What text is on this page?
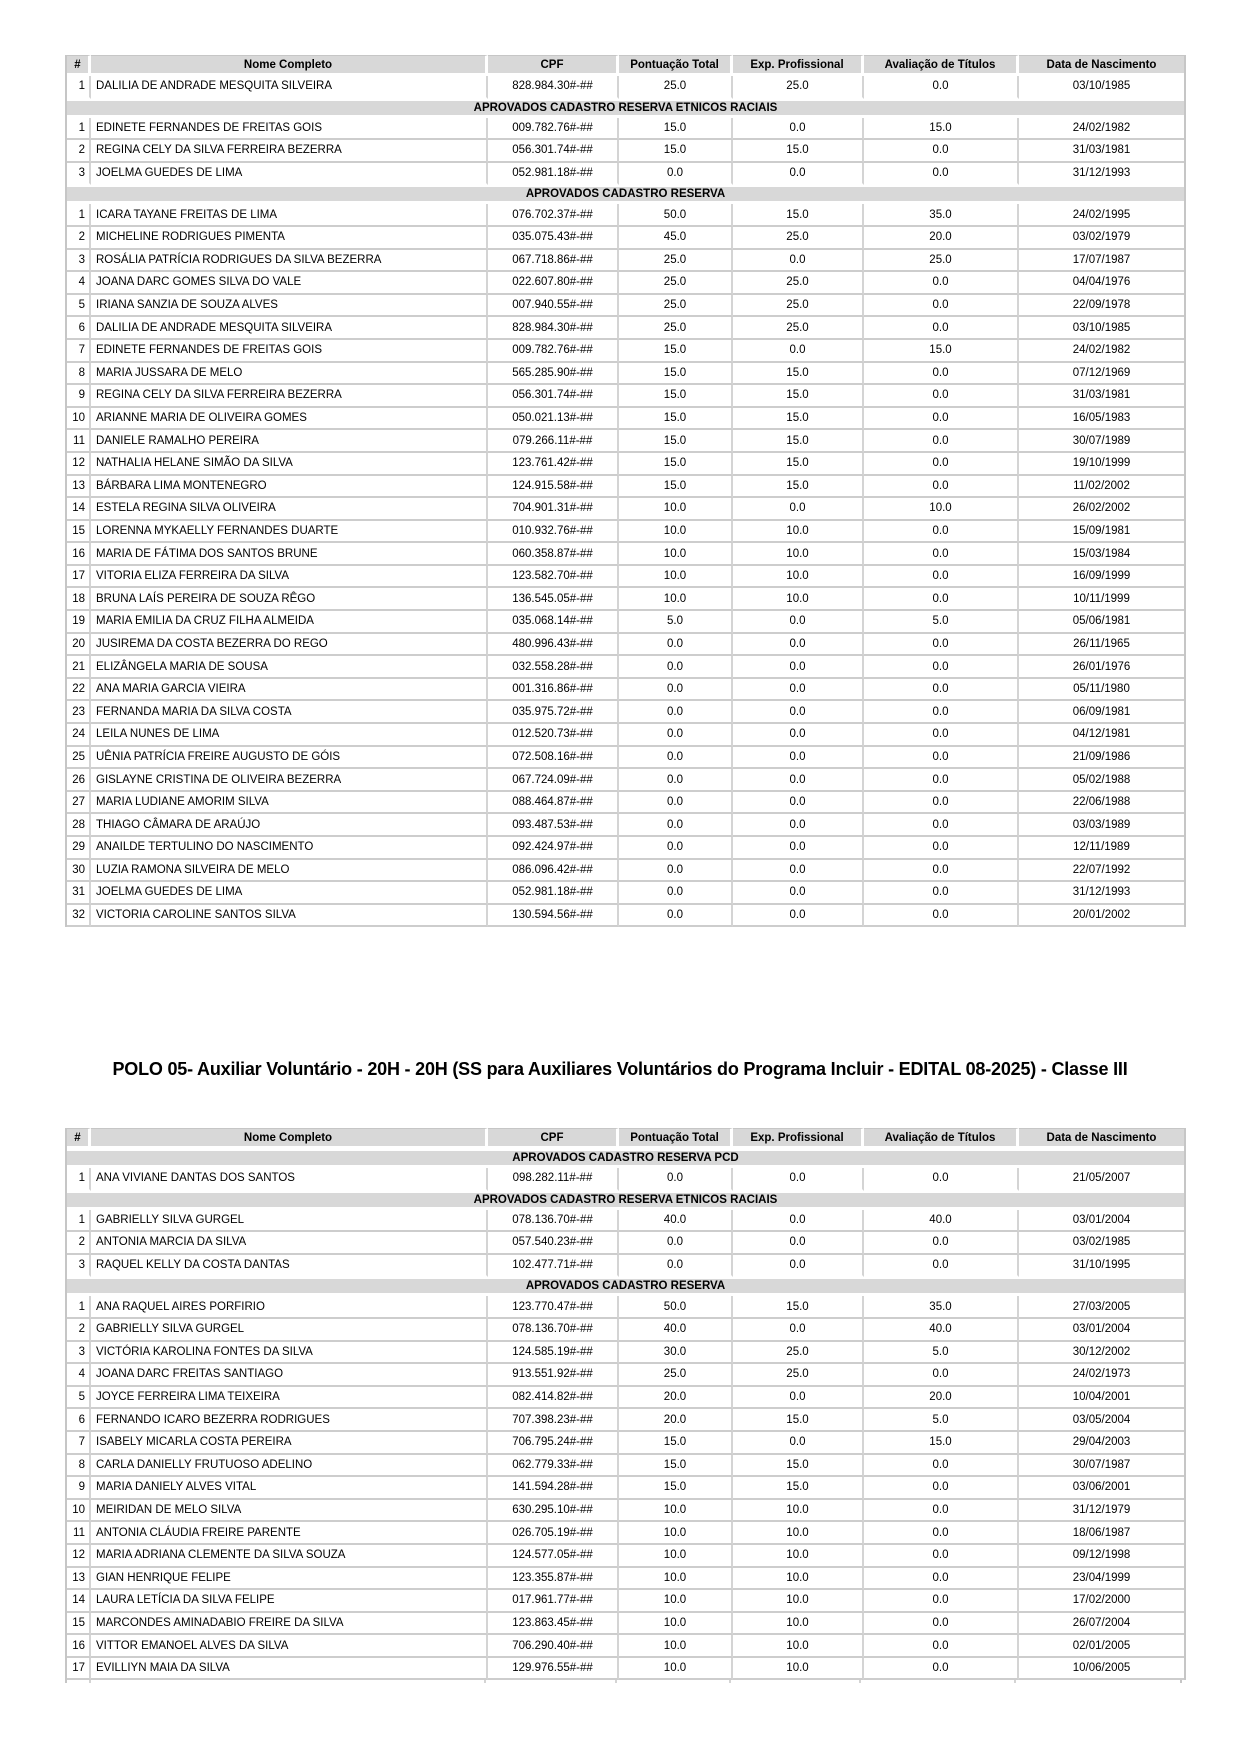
#	Nome Completo	CPF	Pontuação Total	Exp. Profissional	Avaliação de Títulos	Data de Nascimento
1	DALILIA DE ANDRADE MESQUITA SILVEIRA	828.984.30#-##	25.0	25.0	0.0	03/10/1985
APROVADOS CADASTRO RESERVA ETNICOS RACIAIS						
1	EDINETE FERNANDES DE FREITAS GOIS	009.782.76#-##	15.0	0.0	15.0	24/02/1982
2	REGINA CELY DA SILVA FERREIRA BEZERRA	056.301.74#-##	15.0	15.0	0.0	31/03/1981
3	JOELMA GUEDES DE LIMA	052.981.18#-##	0.0	0.0	0.0	31/12/1993
APROVADOS CADASTRO RESERVA						
1	ICARA TAYANE FREITAS DE LIMA	076.702.37#-##	50.0	15.0	35.0	24/02/1995
2	MICHELINE RODRIGUES PIMENTA	035.075.43#-##	45.0	25.0	20.0	03/02/1979
3	ROSÁLIA PATRÍCIA RODRIGUES DA SILVA BEZERRA	067.718.86#-##	25.0	0.0	25.0	17/07/1987
4	JOANA DARC GOMES SILVA DO VALE	022.607.80#-##	25.0	25.0	0.0	04/04/1976
5	IRIANA SANZIA DE SOUZA ALVES	007.940.55#-##	25.0	25.0	0.0	22/09/1978
6	DALILIA DE ANDRADE MESQUITA SILVEIRA	828.984.30#-##	25.0	25.0	0.0	03/10/1985
7	EDINETE FERNANDES DE FREITAS GOIS	009.782.76#-##	15.0	0.0	15.0	24/02/1982
8	MARIA JUSSARA DE MELO	565.285.90#-##	15.0	15.0	0.0	07/12/1969
9	REGINA CELY DA SILVA FERREIRA BEZERRA	056.301.74#-##	15.0	15.0	0.0	31/03/1981
10	ARIANNE MARIA DE OLIVEIRA GOMES	050.021.13#-##	15.0	15.0	0.0	16/05/1983
11	DANIELE RAMALHO PEREIRA	079.266.11#-##	15.0	15.0	0.0	30/07/1989
12	NATHALIA HELANE SIMÃO DA SILVA	123.761.42#-##	15.0	15.0	0.0	19/10/1999
13	BÁRBARA LIMA MONTENEGRO	124.915.58#-##	15.0	15.0	0.0	11/02/2002
14	ESTELA REGINA SILVA OLIVEIRA	704.901.31#-##	10.0	0.0	10.0	26/02/2002
15	LORENNA MYKAELLY FERNANDES DUARTE	010.932.76#-##	10.0	10.0	0.0	15/09/1981
16	MARIA DE FÁTIMA DOS SANTOS BRUNE	060.358.87#-##	10.0	10.0	0.0	15/03/1984
17	VITORIA ELIZA FERREIRA DA SILVA	123.582.70#-##	10.0	10.0	0.0	16/09/1999
18	BRUNA LAÍS PEREIRA DE SOUZA RÊGO	136.545.05#-##	10.0	10.0	0.0	10/11/1999
19	MARIA EMILIA DA CRUZ FILHA ALMEIDA	035.068.14#-##	5.0	0.0	5.0	05/06/1981
20	JUSIREMA DA COSTA BEZERRA DO REGO	480.996.43#-##	0.0	0.0	0.0	26/11/1965
21	ELIZÂNGELA MARIA DE SOUSA	032.558.28#-##	0.0	0.0	0.0	26/01/1976
22	ANA MARIA GARCIA VIEIRA	001.316.86#-##	0.0	0.0	0.0	05/11/1980
23	FERNANDA MARIA DA SILVA COSTA	035.975.72#-##	0.0	0.0	0.0	06/09/1981
24	LEILA NUNES DE LIMA	012.520.73#-##	0.0	0.0	0.0	04/12/1981
25	UÊNIA PATRÍCIA FREIRE AUGUSTO DE GÓIS	072.508.16#-##	0.0	0.0	0.0	21/09/1986
26	GISLAYNE CRISTINA DE OLIVEIRA BEZERRA	067.724.09#-##	0.0	0.0	0.0	05/02/1988
27	MARIA LUDIANE AMORIM SILVA	088.464.87#-##	0.0	0.0	0.0	22/06/1988
28	THIAGO CÂMARA DE ARAÚJO	093.487.53#-##	0.0	0.0	0.0	03/03/1989
29	ANAILDE TERTULINO DO NASCIMENTO	092.424.97#-##	0.0	0.0	0.0	12/11/1989
30	LUZIA RAMONA SILVEIRA DE MELO	086.096.42#-##	0.0	0.0	0.0	22/07/1992
31	JOELMA GUEDES DE LIMA	052.981.18#-##	0.0	0.0	0.0	31/12/1993
32	VICTORIA CAROLINE SANTOS SILVA	130.594.56#-##	0.0	0.0	0.0	20/01/2002
POLO 05- Auxiliar Voluntário - 20H - 20H (SS para Auxiliares Voluntários do Programa Incluir - EDITAL 08-2025) - Classe III
#	Nome Completo	CPF	Pontuação Total	Exp. Profissional	Avaliação de Títulos	Data de Nascimento
APROVADOS CADASTRO RESERVA PCD						
1	ANA VIVIANE DANTAS DOS SANTOS	098.282.11#-##	0.0	0.0	0.0	21/05/2007
APROVADOS CADASTRO RESERVA ETNICOS RACIAIS						
1	GABRIELLY SILVA GURGEL	078.136.70#-##	40.0	0.0	40.0	03/01/2004
2	ANTONIA MARCIA DA SILVA	057.540.23#-##	0.0	0.0	0.0	03/02/1985
3	RAQUEL KELLY DA COSTA DANTAS	102.477.71#-##	0.0	0.0	0.0	31/10/1995
APROVADOS CADASTRO RESERVA						
1	ANA RAQUEL AIRES PORFIRIO	123.770.47#-##	50.0	15.0	35.0	27/03/2005
2	GABRIELLY SILVA GURGEL	078.136.70#-##	40.0	0.0	40.0	03/01/2004
3	VICTÓRIA KAROLINA FONTES DA SILVA	124.585.19#-##	30.0	25.0	5.0	30/12/2002
4	JOANA DARC FREITAS SANTIAGO	913.551.92#-##	25.0	25.0	0.0	24/02/1973
5	JOYCE FERREIRA LIMA TEIXEIRA	082.414.82#-##	20.0	0.0	20.0	10/04/2001
6	FERNANDO ICARO BEZERRA RODRIGUES	707.398.23#-##	20.0	15.0	5.0	03/05/2004
7	ISABELY MICARLA COSTA PEREIRA	706.795.24#-##	15.0	0.0	15.0	29/04/2003
8	CARLA DANIELLY FRUTUOSO ADELINO	062.779.33#-##	15.0	15.0	0.0	30/07/1987
9	MARIA DANIELY ALVES VITAL	141.594.28#-##	15.0	15.0	0.0	03/06/2001
10	MEIRIDAN DE MELO SILVA	630.295.10#-##	10.0	10.0	0.0	31/12/1979
11	ANTONIA CLÁUDIA FREIRE PARENTE	026.705.19#-##	10.0	10.0	0.0	18/06/1987
12	MARIA ADRIANA CLEMENTE DA SILVA SOUZA	124.577.05#-##	10.0	10.0	0.0	09/12/1998
13	GIAN HENRIQUE FELIPE	123.355.87#-##	10.0	10.0	0.0	23/04/1999
14	LAURA LETÍCIA DA SILVA FELIPE	017.961.77#-##	10.0	10.0	0.0	17/02/2000
15	MARCONDES AMINADABIO FREIRE DA SILVA	123.863.45#-##	10.0	10.0	0.0	26/07/2004
16	VITTOR EMANOEL ALVES DA SILVA	706.290.40#-##	10.0	10.0	0.0	02/01/2005
17	EVILLIYN MAIA DA SILVA	129.976.55#-##	10.0	10.0	0.0	10/06/2005
